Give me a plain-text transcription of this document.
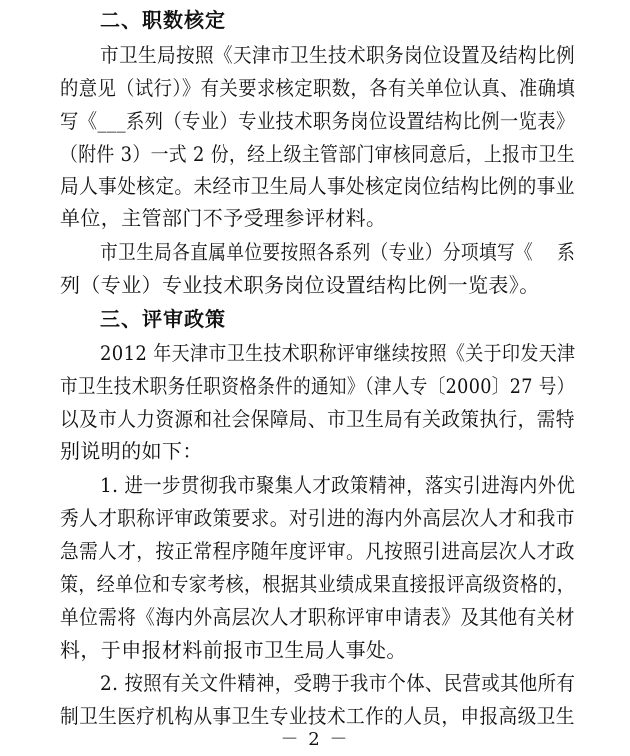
二、职数核定
市卫生局按照《天津市卫生技术职务岗位设置及结构比例
的意见（试行）》有关要求核定职数，各有关单位认真、准确填
写《___系列（专业）专业技术职务岗位设置结构比例一览表》
（附件 3）一式 2 份，经上级主管部门审核同意后，上报市卫生
局人事处核定。未经市卫生局人事处核定岗位结构比例的事业
单位，主管部门不予受理参评材料。
市卫生局各直属单位要按照各系列（专业）分项填写《　 系
列（专业）专业技术职务岗位设置结构比例一览表》。
三、评审政策
2012 年天津市卫生技术职称评审继续按照《关于印发天津
市卫生技术职务任职资格条件的通知》（津人专〔2000〕27 号）
以及市人力资源和社会保障局、市卫生局有关政策执行，需特
别说明的如下：
1. 进一步贯彻我市聚集人才政策精神，落实引进海内外优
秀人才职称评审政策要求。对引进的海内外高层次人才和我市
急需人才，按正常程序随年度评审。凡按照引进高层次人才政
策，经单位和专家考核，根据其业绩成果直接报评高级资格的，
单位需将《海内外高层次人才职称评审申请表》及其他有关材
料，于申报材料前报市卫生局人事处。
2. 按照有关文件精神，受聘于我市个体、民营或其他所有
制卫生医疗机构从事卫生专业技术工作的人员，申报高级卫生
－ 2 －
